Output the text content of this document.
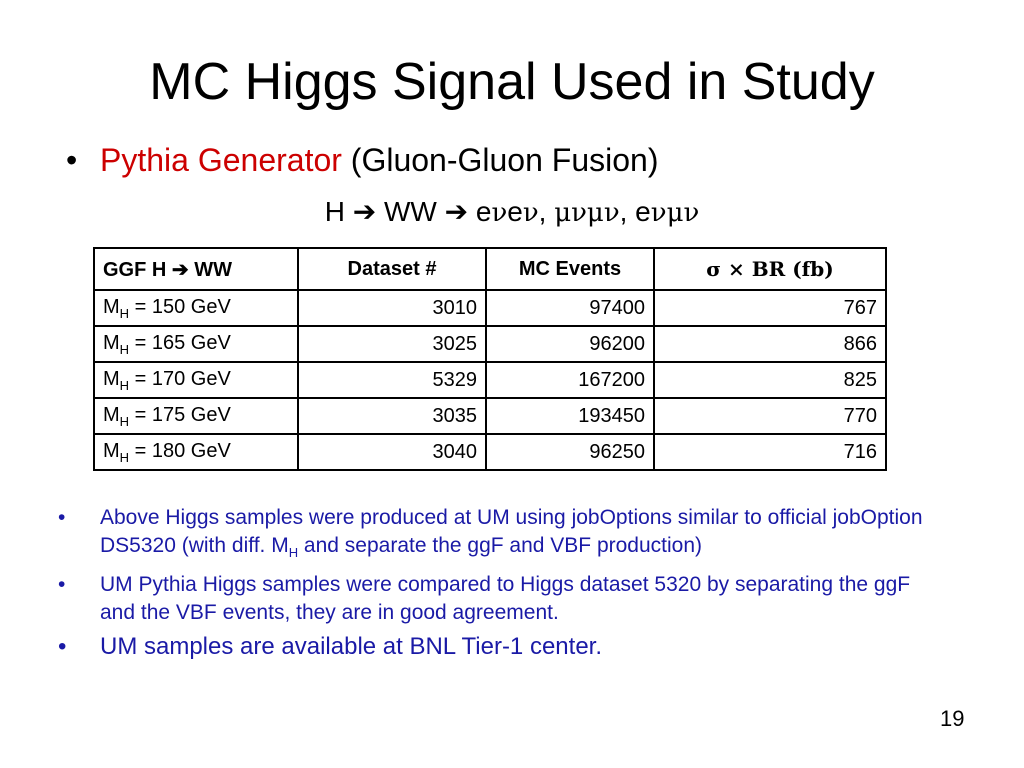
MC Higgs Signal Used in Study
• Pythia Generator (Gluon-Gluon Fusion)
H ➔ WW ➔ eνeν, μνμν, eνμν
GGF H ➔ WW	Dataset #	MC Events	σ × BR (fb)
$M_H = 150$ GeV	3010	97400	767
$M_H = 165$ GeV	3025	96200	866
$M_H = 170$ GeV	5329	167200	825
$M_H = 175$ GeV	3035	193450	770
$M_H = 180$ GeV	3040	96250	716
• Above Higgs samples were produced at UM using jobOptions similar to official jobOption DS5320 (with diff. $M_H$ and separate the ggF and VBF production)
• UM Pythia Higgs samples were compared to Higgs dataset 5320 by separating the ggF and the VBF events, they are in good agreement.
• UM samples are available at BNL Tier-1 center.
19
